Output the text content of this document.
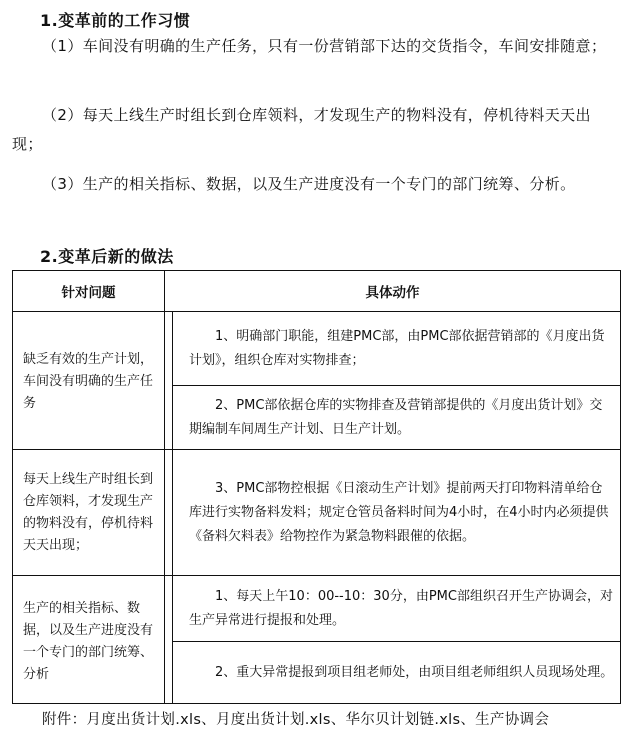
1.变革前的工作习惯

（1）车间没有明确的生产任务，只有一份营销部下达的交货指令，车间安排随意；

（2）每天上线生产时组长到仓库领料，才发现生产的物料没有，停机待料天天出现；

（3）生产的相关指标、数据，以及生产进度没有一个专门的部门统筹、分析。

2.变革后新的做法
针对问题	具体动作	
缺乏有效的生产计划，车间没有明确的生产任务		1、明确部门职能，组建PMC部，由PMC部依据营销部的《月度出货计划》，组织仓库对实物排查；

		2、PMC部依据仓库的实物排查及营销部提供的《月度出货计划》交期编制车间周生产计划、日生产计划。

每天上线生产时组长到仓库领料，才发现生产的物料没有，停机待料天天出现；		3、PMC部物控根据《日滚动生产计划》提前两天打印物料清单给仓库进行实物备料发料；规定仓管员备料时间为4小时，在4小时内必须提供《备料欠料表》给物控作为紧急物料跟催的依据。

生产的相关指标、数据，以及生产进度没有一个专门的部门统筹、分析		1、每天上午10：00--10：30分，由PMC部组织召开生产协调会，对生产异常进行提报和处理。

		2、重大异常提报到项目组老师处，由项目组老师组织人员现场处理。

附件：月度出货计划.xls、月度出货计划.xls、华尔贝计划链.xls、生产协调会
